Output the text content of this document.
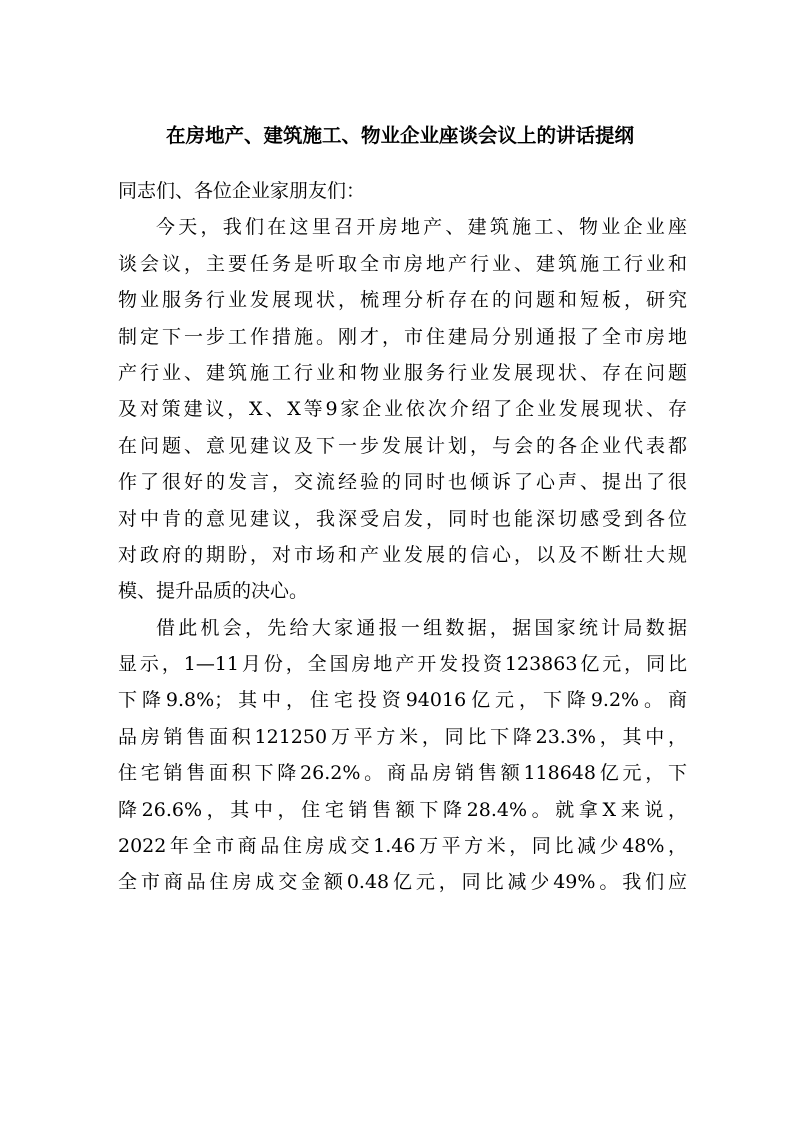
在房地产、建筑施工、物业企业座谈会议上的讲话提纲
同志们、各位企业家朋友们：
今天，我们在这里召开房地产、建筑施工、物业企业座
谈会议，主要任务是听取全市房地产行业、建筑施工行业和
物业服务行业发展现状，梳理分析存在的问题和短板，研究
制定下一步工作措施。刚才，市住建局分别通报了全市房地
产行业、建筑施工行业和物业服务行业发展现状、存在问题
及对策建议，X、X等9家企业依次介绍了企业发展现状、存
在问题、意见建议及下一步发展计划，与会的各企业代表都
作了很好的发言，交流经验的同时也倾诉了心声、提出了很
对中肯的意见建议，我深受启发，同时也能深切感受到各位
对政府的期盼，对市场和产业发展的信心，以及不断壮大规
模、提升品质的决心。
借此机会，先给大家通报一组数据，据国家统计局数据
显示，1—11月份，全国房地产开发投资123863亿元，同比
下降9.8%；其中，住宅投资94016亿元，下降9.2%。商
品房销售面积121250万平方米，同比下降23.3%，其中，
住宅销售面积下降26.2%。商品房销售额118648亿元，下
降26.6%，其中，住宅销售额下降28.4%。就拿X来说，
2022年全市商品住房成交1.46万平方米，同比减少48%，
全市商品住房成交金额0.48亿元，同比减少49%。我们应
